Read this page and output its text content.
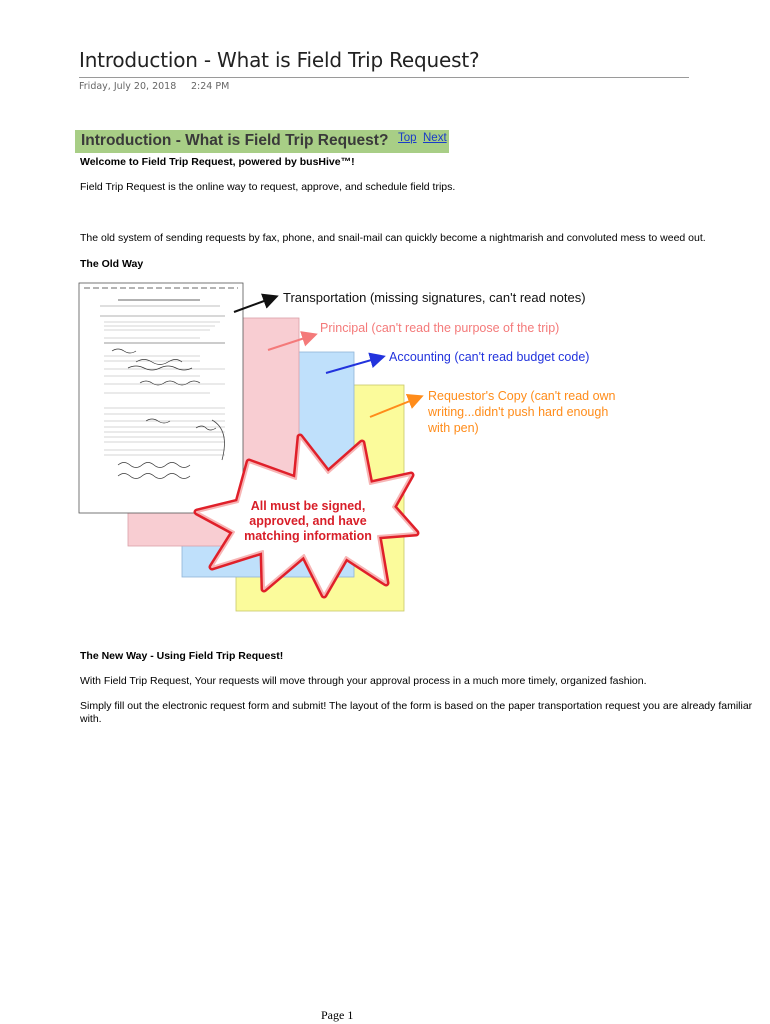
Introduction - What is Field Trip Request?
Friday, July 20, 2018 2:24 PM
Introduction - What is Field Trip Request? Top Next
Welcome to Field Trip Request, powered by busHive™!
Field Trip Request is the online way to request, approve, and schedule field trips.
The old system of sending requests by fax, phone, and snail-mail can quickly become a nightmarish and convoluted mess to weed out.
The Old Way
Transportation (missing signatures, can't read notes)
Principal (can't read the purpose of the trip)
Accounting (can't read budget code)
Requestor's Copy (can't read own
writing...didn't push hard enough
with pen)
All must be signed,
approved, and have
matching information
The New Way - Using Field Trip Request!
With Field Trip Request, Your requests will move through your approval process in a much more timely, organized fashion.
Simply fill out the electronic request form and submit! The layout of the form is based on the paper transportation request you are already familiar with.
Page 1
